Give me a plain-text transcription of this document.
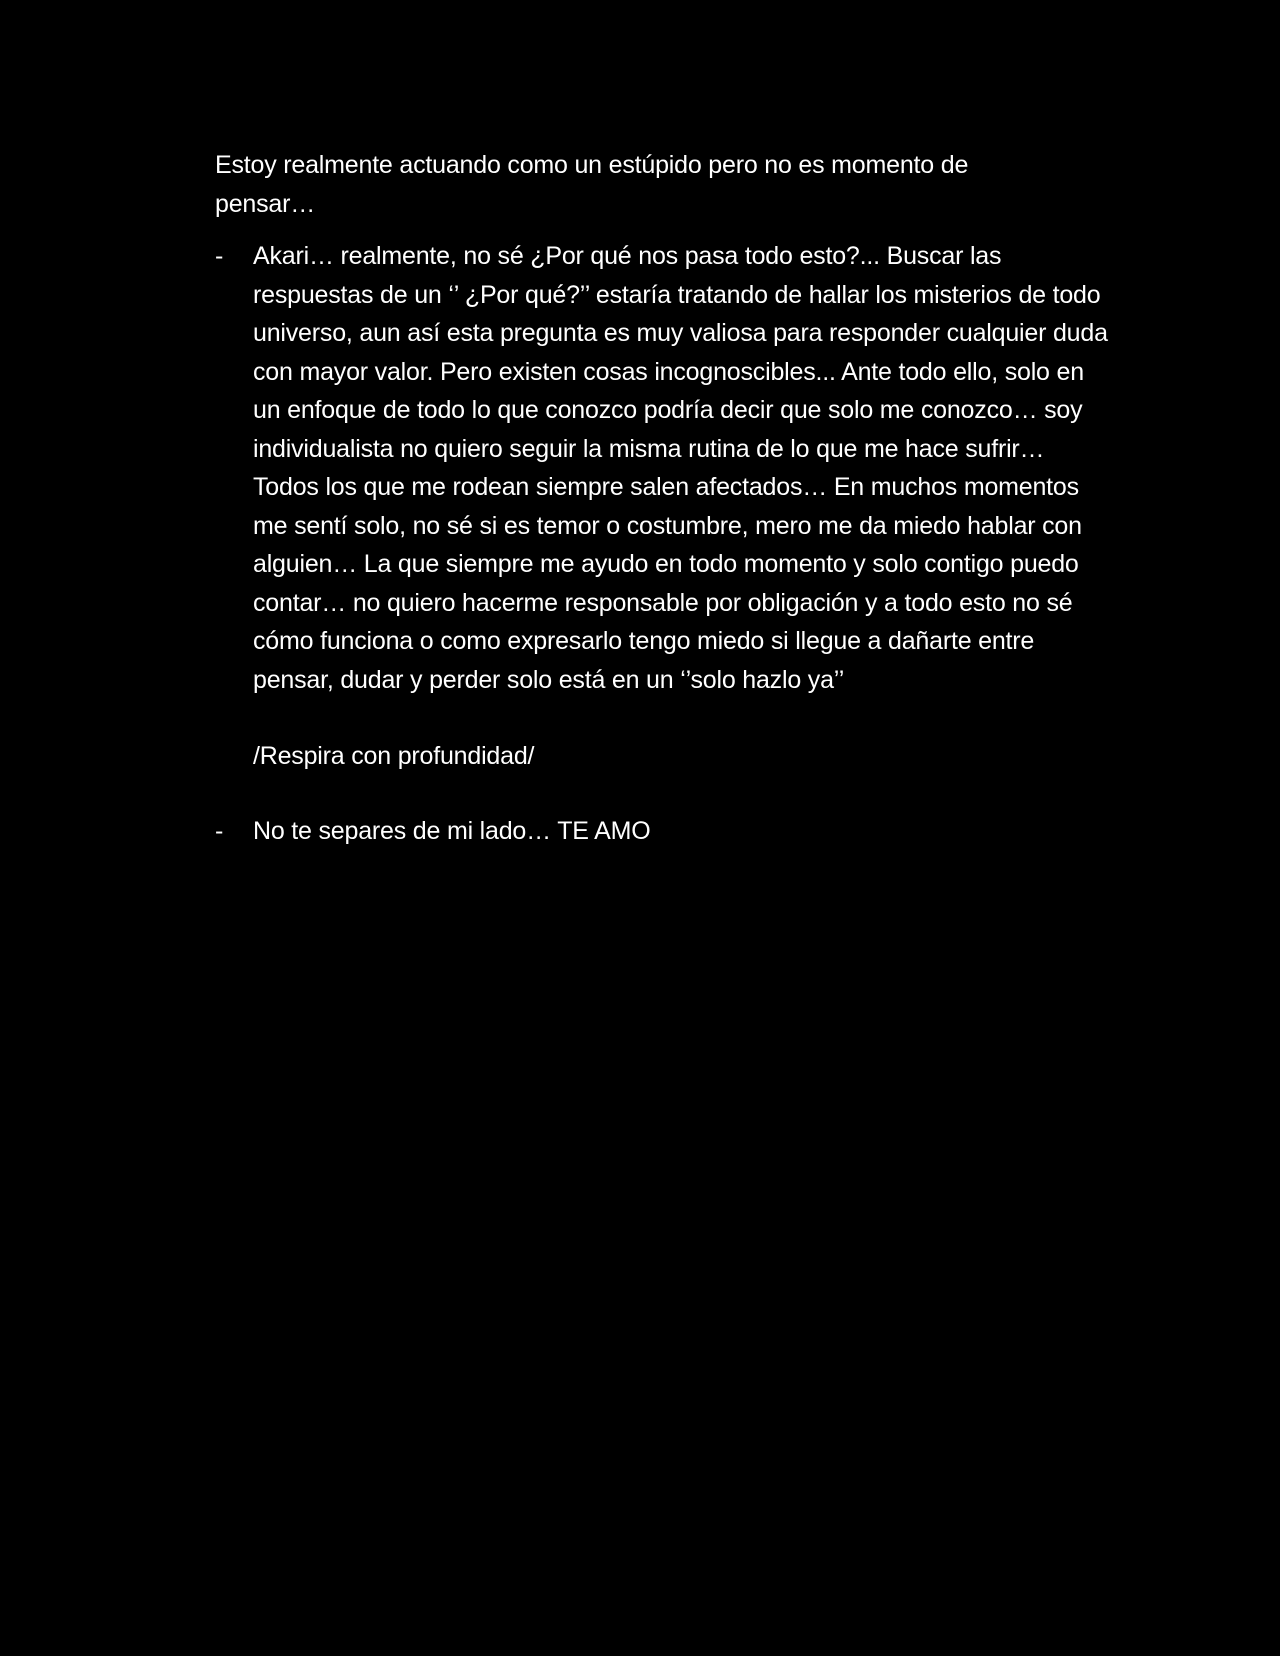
Estoy realmente actuando como un estúpido pero no es momento de pensar…

- Akari… realmente, no sé ¿Por qué nos pasa todo esto?... Buscar las respuestas de un ‘’ ¿Por qué?’’ estaría tratando de hallar los misterios de todo universo, aun así esta pregunta es muy valiosa para responder cualquier duda con mayor valor. Pero existen cosas incognoscibles... Ante todo ello, solo en un enfoque de todo lo que conozco podría decir que solo me conozco… soy individualista no quiero seguir la misma rutina de lo que me hace sufrir…Todos los que me rodean siempre salen afectados… En muchos momentos me sentí solo, no sé si es temor o costumbre, mero me da miedo hablar con alguien… La que siempre me ayudo en todo momento y solo contigo puedo contar… no quiero hacerme responsable por obligación y a todo esto no sé cómo funciona o como expresarlo tengo miedo si llegue a dañarte entre pensar, dudar y perder solo está en un ‘’solo hazlo ya’’

/Respira con profundidad/

- No te separes de mi lado… TE AMO
